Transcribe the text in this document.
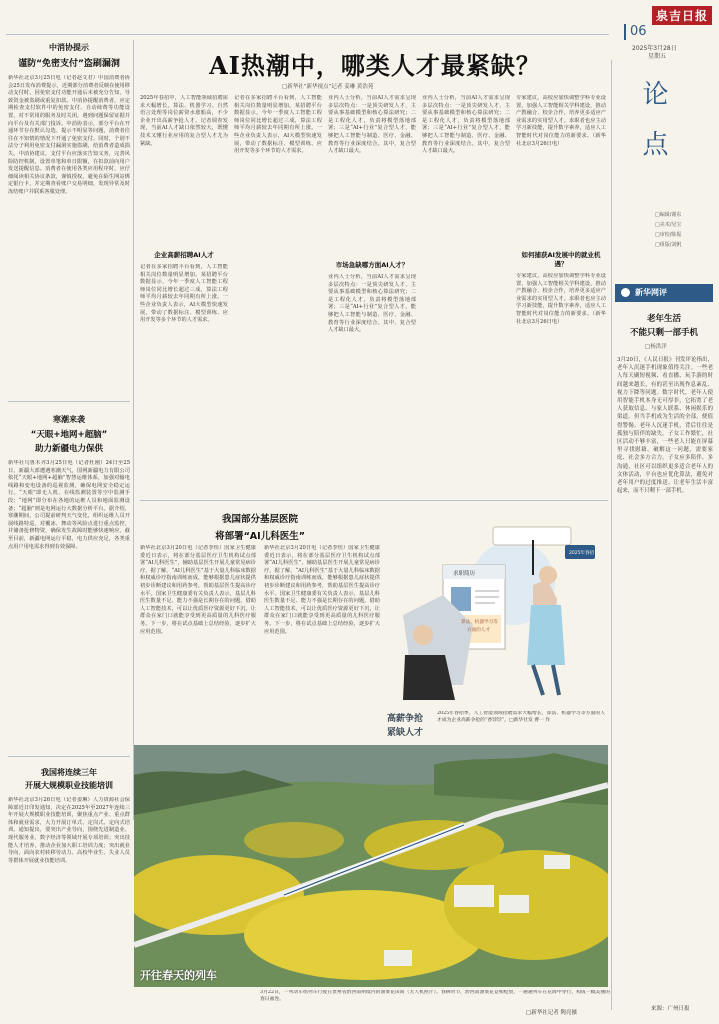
泉吉日报
06
2025年3月28日
星期五
中消协提示
谨防“免密支付”盗刷漏洞
新华社北京3月25日电（记者赵文君）中国消费者协会25日发布消费提示，近期部分消费者反映在使用移动支付时，因免密支付功能开通后未被充分告知，导致资金被盗刷或重复扣款。中消协提醒消费者，应定期检查支付软件中的免密支付、自动续费等功能设置，对不常用的服务及时关闭，遇到问题保留证据并向平台及有关部门投诉。中消协表示，部分平台在开通环节存在默认勾选、提示不明显等问题，消费者往往在不知情的情况下开通了免密支付。同时，个别不法分子利用免密支付漏洞实施盗刷，给消费者造成损失。中消协建议，支付平台应落实告知义务，完善风险防控机制，设置单笔和单日限额，在扣款前向用户发送提醒信息。消费者在使用各类应用程序时，应仔细阅读相关协议条款，谨慎授权，避免在陌生网站绑定银行卡，并定期查看账户交易明细，发现异常及时冻结账户并联系客服处理。
寒潮来袭
“天眼+地网+超脑”
助力新疆电力保供
新华社乌鲁木齐3月25日电（记者杜刚）24日至25日，新疆大部遭遇寒潮天气，国网新疆电力有限公司依托“天眼+地网+超脑”智慧运维体系，加强对输电线路和变电设备的巡视监测，确保电网安全稳定运行。“天眼”即无人机、在线监测装置等空中监测手段；“地网”即分布在各地的运维人员和地面监测设备；“超脑”则是电网运行大数据分析平台。据介绍，寒潮期间，公司提前研判天气变化，组织运维人员开展线路特巡，对覆冰、舞动等风险点进行重点监控，并储备抢修物资，确保发生故障时能够快速响应。截至目前，新疆电网运行平稳，电力供应充足，各类重点用户用电需求得到有效保障。
我国将连续三年
开展大规模职业技能培训
新华社北京3月26日电（记者姜琳）人力资源社会保障部近日印发通知，决定在2025年至2027年连续三年开展大规模职业技能培训，聚焦重点产业、重点群体和就业需求，大力开展订单式、定岗式、定向式培训。通知提出，要突出产业导向，围绕先进制造业、现代服务业、数字经济等领域开展专项培训；突出技能人才培养，推动企业加大职工培训力度；突出就业导向，面向农村转移劳动力、高校毕业生、失业人员等群体开展就业技能培训。
AI热潮中，哪类人才最紧缺？
□新华社“新华视点”记者 姜琳 黄浩苑
2025年春招中，人工智能领域招聘需求大幅增长。算法、机器学习、自然语言处理等岗位薪资水涨船高，不少企业开出高薪争抢人才。记者调查发现，当前AI人才缺口依然较大，既懂技术又懂行业应用的复合型人才尤为紧缺。
企业高薪招聘AI人才
记者在多家招聘平台看到，人工智能相关岗位数量明显增加。某招聘平台数据显示，今年一季度人工智能工程师岗位同比增长超过三成，算法工程师平均月薪较去年同期有所上涨。一些企业负责人表示，AI大模型快速发展，带动了数据标注、模型训练、应用开发等多个环节的人才需求。
记者在多家招聘平台看到，人工智能相关岗位数量明显增加。某招聘平台数据显示，今年一季度人工智能工程师岗位同比增长超过三成，算法工程师平均月薪较去年同期有所上涨。一些企业负责人表示，AI大模型快速发展，带动了数据标注、模型训练、应用开发等多个环节的人才需求。
业内人士分析，当前AI人才需求呈现多层次特点：一是顶尖研发人才，主要从事基础模型和核心算法研究；二是工程化人才，负责将模型落地部署；三是“AI+行业”复合型人才，能够把人工智能与制造、医疗、金融、教育等行业深度结合。其中，复合型人才缺口最大。
市场急缺哪方面AI人才？
业内人士分析，当前AI人才需求呈现多层次特点：一是顶尖研发人才，主要从事基础模型和核心算法研究；二是工程化人才，负责将模型落地部署；三是“AI+行业”复合型人才，能够把人工智能与制造、医疗、金融、教育等行业深度结合。其中，复合型人才缺口最大。
业内人士分析，当前AI人才需求呈现多层次特点：一是顶尖研发人才，主要从事基础模型和核心算法研究；二是工程化人才，负责将模型落地部署；三是“AI+行业”复合型人才，能够把人工智能与制造、医疗、金融、教育等行业深度结合。其中，复合型人才缺口最大。
专家建议，高校应加快调整学科专业设置，加强人工智能相关学科建设，推动产教融合、校企合作，培养更多适应产业需求的实用型人才。求职者也应主动学习新技能，提升数字素养，适应人工智能时代对岗位能力的新要求。（新华社北京3月26日电）
如何捕获AI发展中的就业机遇？
专家建议，高校应加快调整学科专业设置，加强人工智能相关学科建设，推动产教融合、校企合作，培养更多适应产业需求的实用型人才。求职者也应主动学习新技能，提升数字素养，适应人工智能时代对岗位能力的新要求。（新华社北京3月26日电）
我国部分基层医院
将部署“AI儿科医生”
新华社北京3月20日电（记者李恒）国家卫生健康委近日表示，将在部分基层医疗卫生机构试点部署“AI儿科医生”，辅助基层医生开展儿童常见病诊疗。据了解，“AI儿科医生”基于大量儿科临床数据和权威诊疗指南训练而成，能够根据患儿症状提供初步诊断建议和用药参考，帮助基层医生提高诊疗水平。国家卫生健康委有关负责人表示，基层儿科医生数量不足、能力不强是长期存在的问题，借助人工智能技术，可以让优质医疗资源更好下沉，让群众在家门口就能享受到更高质量的儿科医疗服务。下一步，将在试点基础上总结经验，逐步扩大应用范围。
新华社北京3月20日电（记者李恒）国家卫生健康委近日表示，将在部分基层医疗卫生机构试点部署“AI儿科医生”，辅助基层医生开展儿童常见病诊疗。据了解，“AI儿科医生”基于大量儿科临床数据和权威诊疗指南训练而成，能够根据患儿症状提供初步诊断建议和用药参考，帮助基层医生提高诊疗水平。国家卫生健康委有关负责人表示，基层儿科医生数量不足、能力不强是长期存在的问题，借助人工智能技术，可以让优质医疗资源更好下沉，让群众在家门口就能享受到更高质量的儿科医疗服务。下一步，将在试点基础上总结经验，逐步扩大应用范围。
求职简历
算法、机器学习等
方面的人才
2025年春招
高薪争抢
紧缺人才
2025年春招季，人工智能领域招聘需求大幅增长，算法、机器学习等方面的人才成为企业高薪争抢的“香饽饽”。□新华社发 曹一 作
开往春天的列车
3月22日，一列动车组列车行驶在贵州省黔西南州境内的油菜花田间（无人机照片）。春耕时节，黔西南油菜花竞相绽放，一趟趟列车在花海中穿行，构成一幅美丽的春日画卷。
□新华社记者 陶亮摄
论 点
□编辑/谢东
□美术/吴宝
□审校/陈振
□组版/刘帆
新华网评
老年生活
不能只剩一部手机
□杨洪洋
3月20日，《人民日报》刊发评论指出，老年人沉迷手机现象值得关注。一些老人每天刷短视频、看直播、玩手游的时间越来越长，有的甚至出现作息紊乱、视力下降等问题。数字时代，老年人使用智能手机本身无可厚非，它拓宽了老人获取信息、与家人联系、休闲娱乐的渠道。但当手机成为生活的全部，便值得警惕。老年人沉迷手机，背后往往是孤独与陪伴的缺失。子女工作繁忙，社区活动不够丰富，一些老人只能在屏幕里寻找慰藉。破解这一问题，需要家庭、社会多方合力。子女应多陪伴、多沟通，社区可以组织更多适合老年人的文体活动，平台也应优化算法，避免对老年用户的过度推送。让老年生活丰富起来，而不只剩下一部手机。
来源：广州日报
